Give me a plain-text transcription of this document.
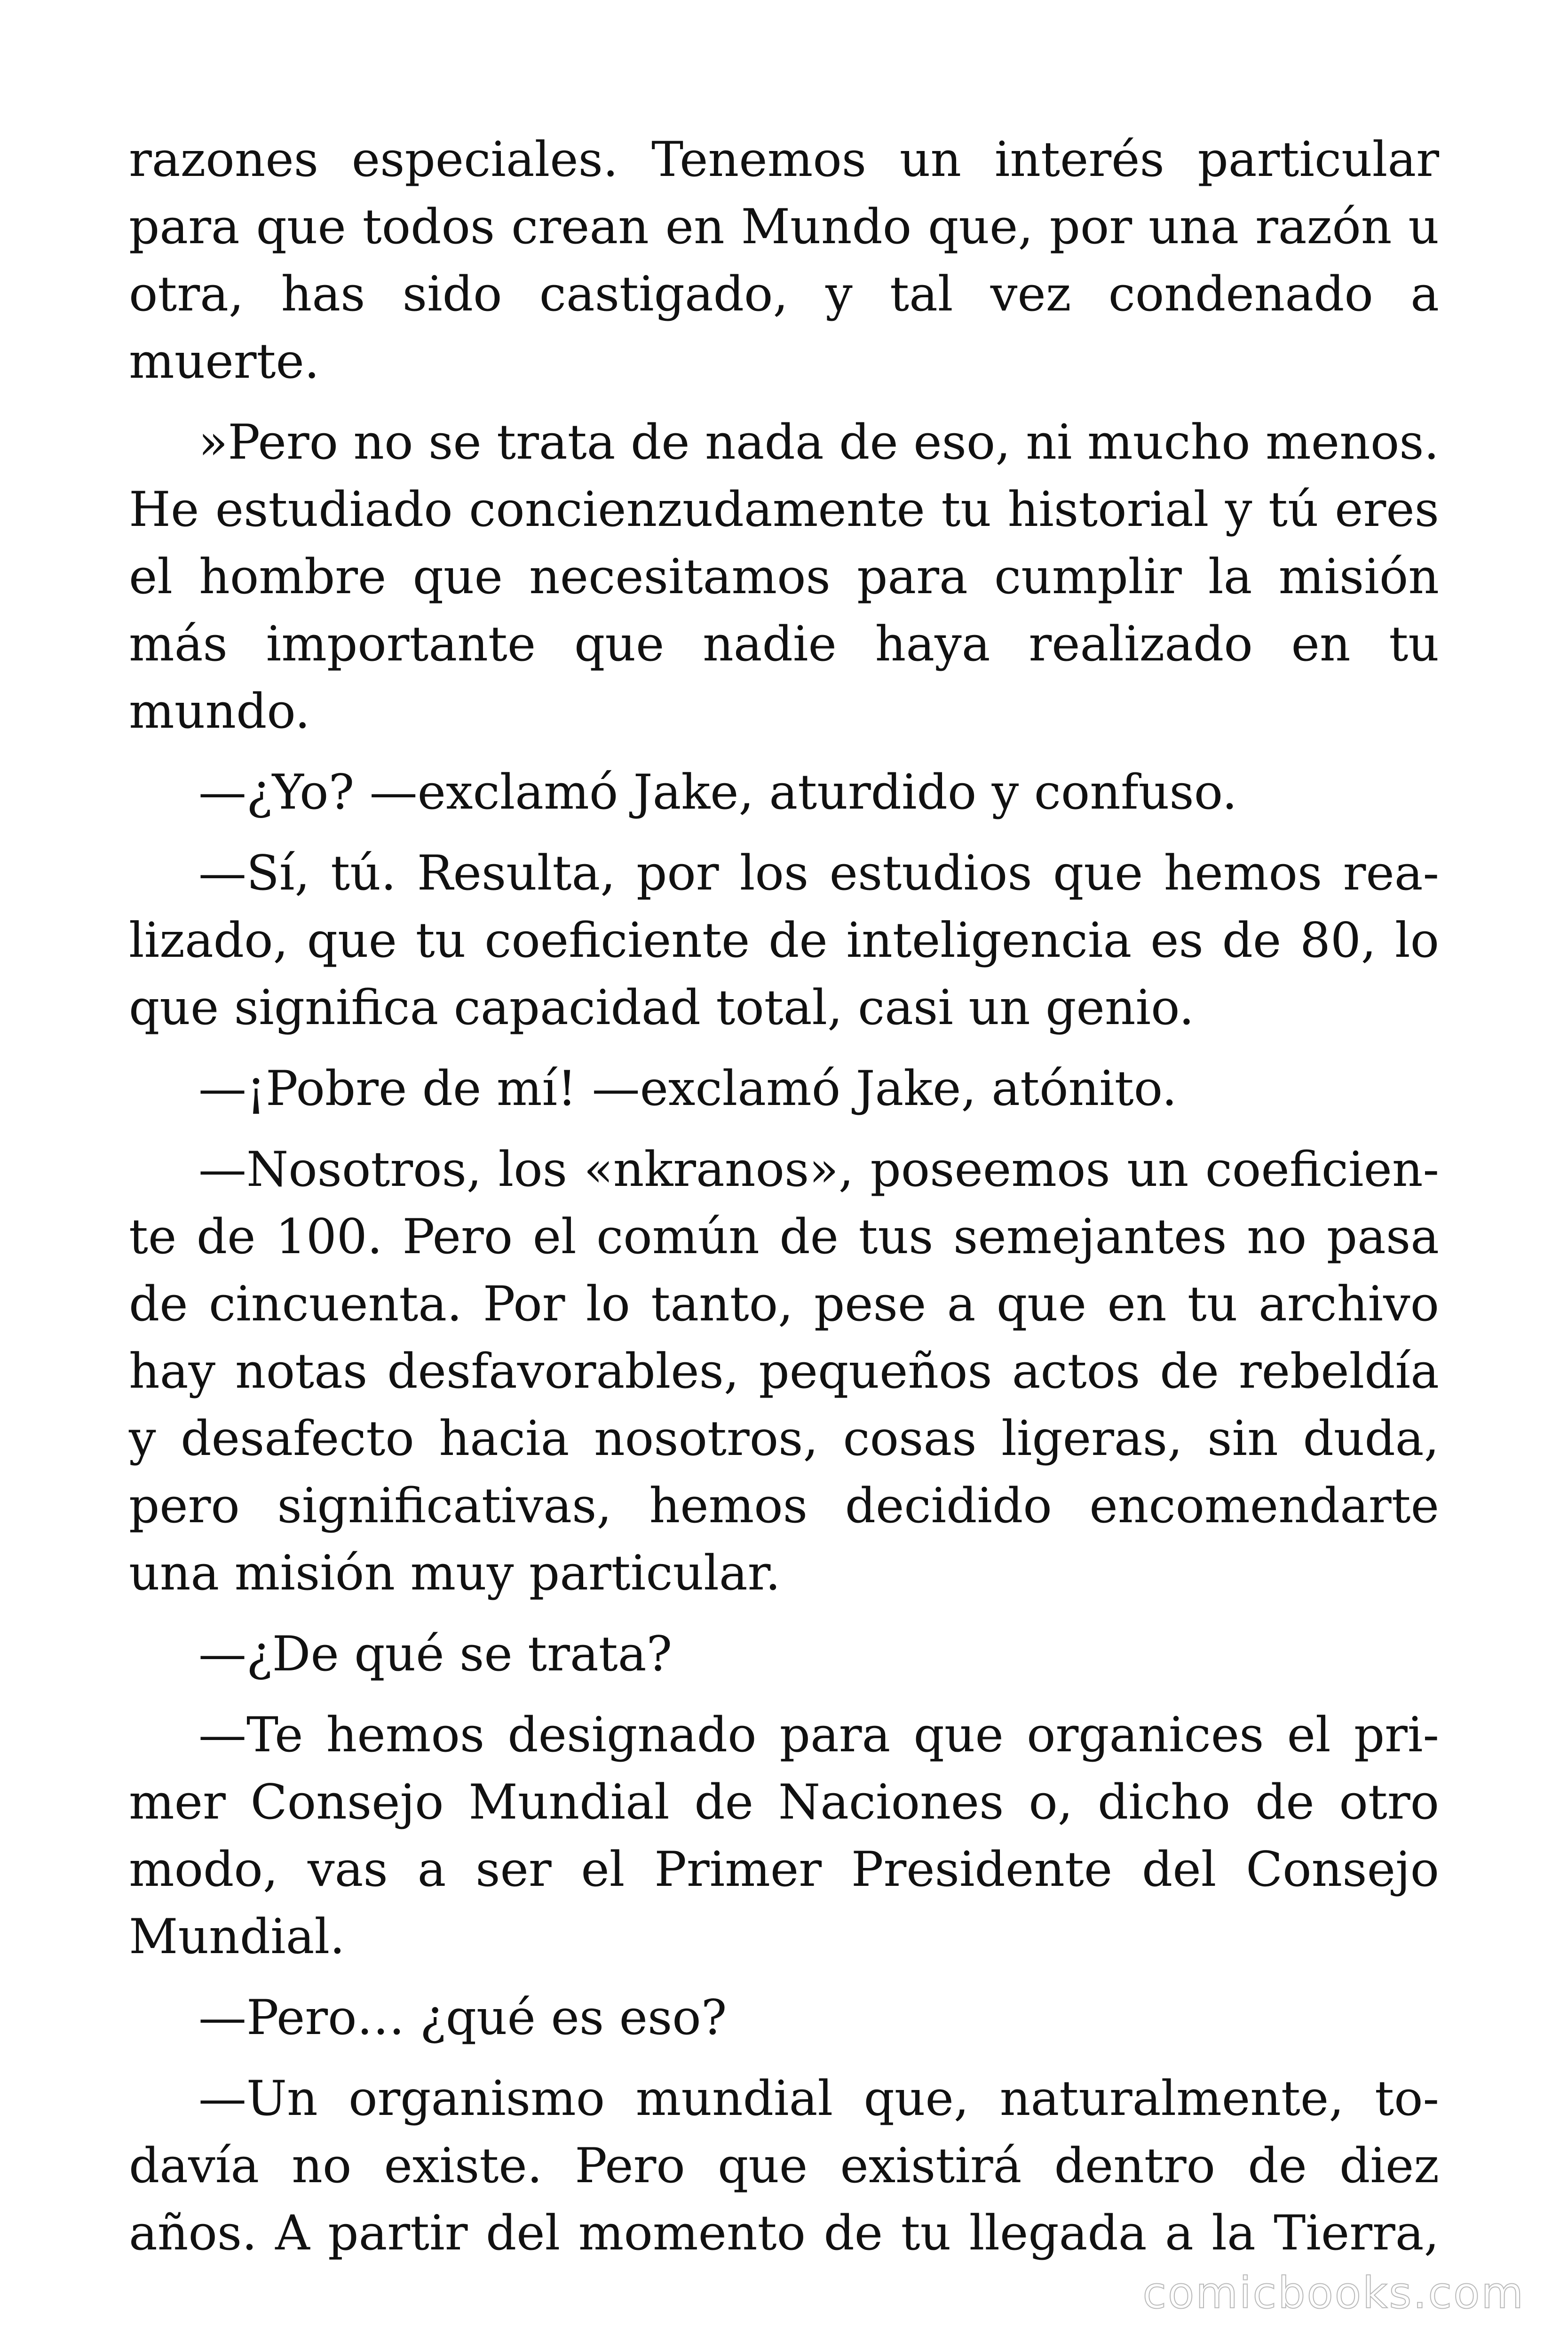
razones especiales. Tenemos un interés particular para que todos crean en Mundo que, por una razón u otra, has sido castigado, y tal vez condenado a muerte.

»Pero no se trata de nada de eso, ni mucho menos. He estudiado concienzudamente tu historial y tú eres el hombre que necesitamos para cumplir la misión más importante que nadie haya realizado en tu mundo.

—¿Yo? —exclamó Jake, aturdido y confuso.

—Sí, tú. Resulta, por los estudios que hemos realizado, que tu coeficiente de inteligencia es de 80, lo que significa capacidad total, casi un genio.

—¡Pobre de mí! —exclamó Jake, atónito.

—Nosotros, los «nkranos», poseemos un coeficiente de 100. Pero el común de tus semejantes no pasa de cincuenta. Por lo tanto, pese a que en tu archivo hay notas desfavorables, pequeños actos de rebeldía y desafecto hacia nosotros, cosas ligeras, sin duda, pero significativas, hemos decidido encomendarte una misión muy particular.

—¿De qué se trata?

—Te hemos designado para que organices el primer Consejo Mundial de Naciones o, dicho de otro modo, vas a ser el Primer Presidente del Consejo Mundial.

—Pero… ¿qué es eso?

—Un organismo mundial que, naturalmente, todavía no existe. Pero que existirá dentro de diez años. A partir del momento de tu llegada a la Tierra,

comicbooks.com
